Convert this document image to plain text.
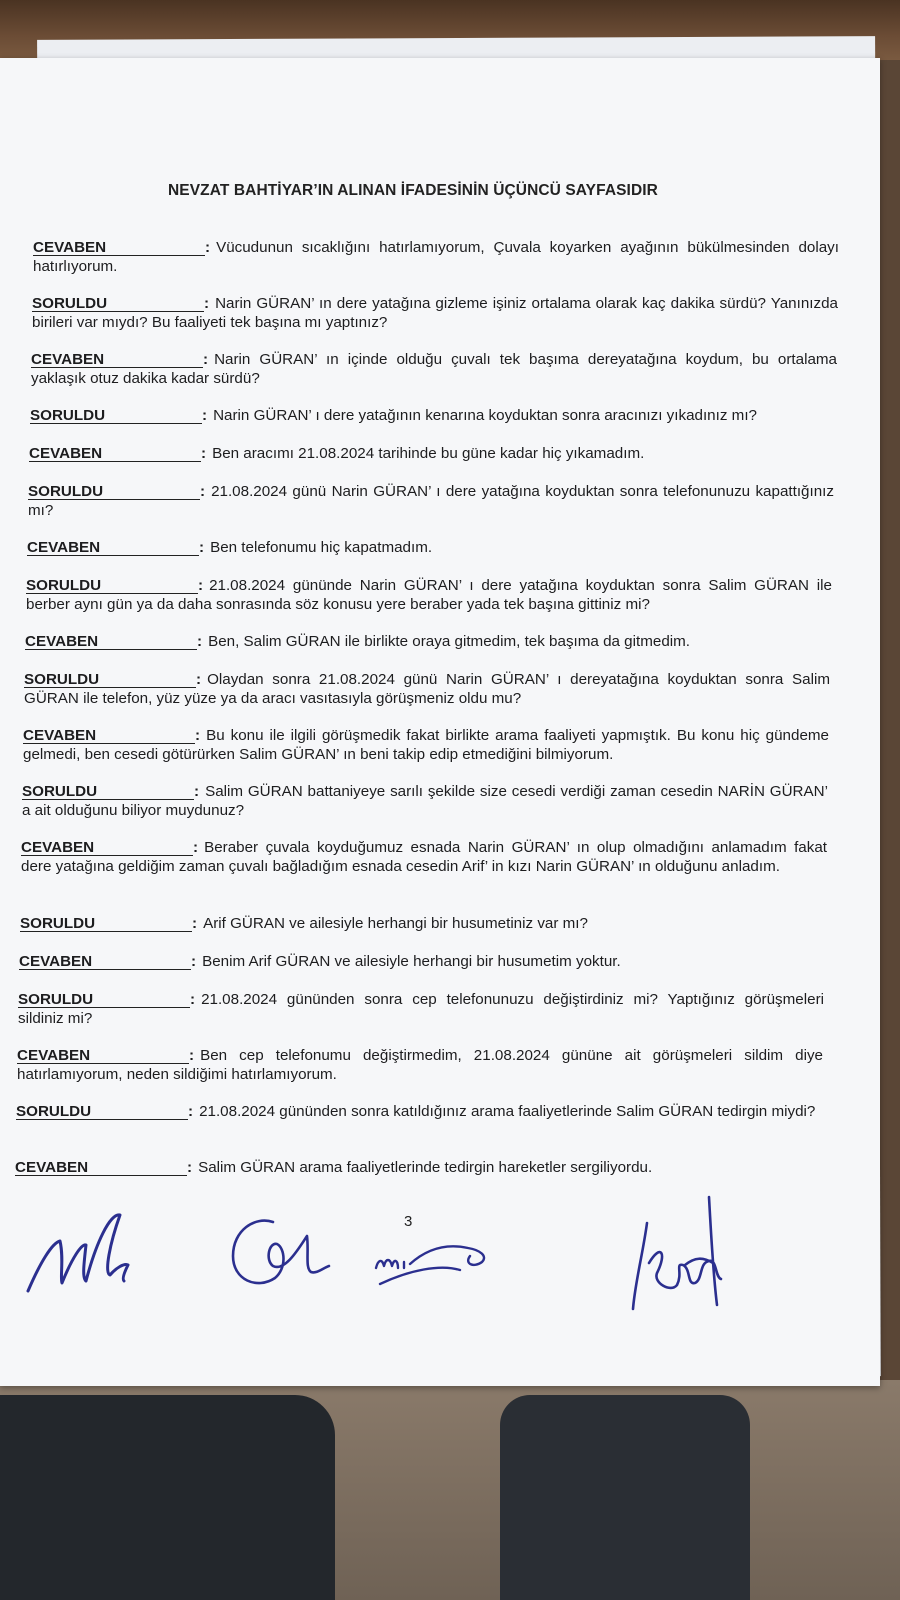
NEVZAT BAHTİYAR’IN ALINAN İFADESİNİN ÜÇÜNCÜ SAYFASIDIR
CEVABEN	: Vücudunun sıcaklığını hatırlamıyorum, Çuvala koyarken ayağının bükülmesinden dolayı hatırlıyorum.
SORULDU	: Narin GÜRAN’ ın dere yatağına gizleme işiniz ortalama olarak kaç dakika sürdü? Yanınızda birileri var mıydı? Bu faaliyeti tek başına mı yaptınız?
CEVABEN	: Narin GÜRAN’ ın içinde olduğu çuvalı tek başıma dereyatağına koydum, bu ortalama yaklaşık otuz dakika kadar sürdü?
SORULDU	: Narin GÜRAN’ ı dere yatağının kenarına koyduktan sonra aracınızı yıkadınız mı?
CEVABEN	: Ben aracımı 21.08.2024 tarihinde bu güne kadar hiç yıkamadım.
SORULDU	: 21.08.2024 günü Narin GÜRAN’ ı dere yatağına koyduktan sonra telefonunuzu kapattığınız mı?
CEVABEN	: Ben telefonumu hiç kapatmadım.
SORULDU	: 21.08.2024 gününde Narin GÜRAN’ ı dere yatağına koyduktan sonra Salim GÜRAN ile berber aynı gün ya da daha sonrasında söz konusu yere beraber yada tek başına gittiniz mi?
CEVABEN	: Ben, Salim GÜRAN ile birlikte oraya gitmedim, tek başıma da gitmedim.
SORULDU	: Olaydan sonra 21.08.2024 günü Narin GÜRAN’ ı dereyatağına koyduktan sonra Salim GÜRAN ile telefon, yüz yüze ya da aracı vasıtasıyla görüşmeniz oldu mu?
CEVABEN	: Bu konu ile ilgili görüşmedik fakat birlikte arama faaliyeti yapmıştık. Bu konu hiç gündeme gelmedi, ben cesedi götürürken Salim GÜRAN’ ın beni takip edip etmediğini bilmiyorum.
SORULDU	: Salim GÜRAN battaniyeye sarılı şekilde size cesedi verdiği zaman cesedin NARİN GÜRAN’ a ait olduğunu biliyor muydunuz?
CEVABEN	: Beraber çuvala koyduğumuz esnada Narin GÜRAN’ ın olup olmadığını anlamadım fakat dere yatağına geldiğim zaman çuvalı bağladığım esnada cesedin Arif’ in kızı Narin GÜRAN’ ın olduğunu anladım.
SORULDU	: Arif GÜRAN ve ailesiyle herhangi bir husumetiniz var mı?
CEVABEN	: Benim Arif GÜRAN ve ailesiyle herhangi bir husumetim yoktur.
SORULDU	: 21.08.2024 gününden sonra cep telefonunuzu değiştirdiniz mi? Yaptığınız görüşmeleri sildiniz mi?
CEVABEN	: Ben cep telefonumu değiştirmedim, 21.08.2024 gününe ait görüşmeleri sildim diye hatırlamıyorum, neden sildiğimi hatırlamıyorum.
SORULDU	: 21.08.2024 gününden sonra katıldığınız arama faaliyetlerinde Salim GÜRAN tedirgin miydi?
CEVABEN	: Salim GÜRAN arama faaliyetlerinde tedirgin hareketler sergiliyordu.
3
